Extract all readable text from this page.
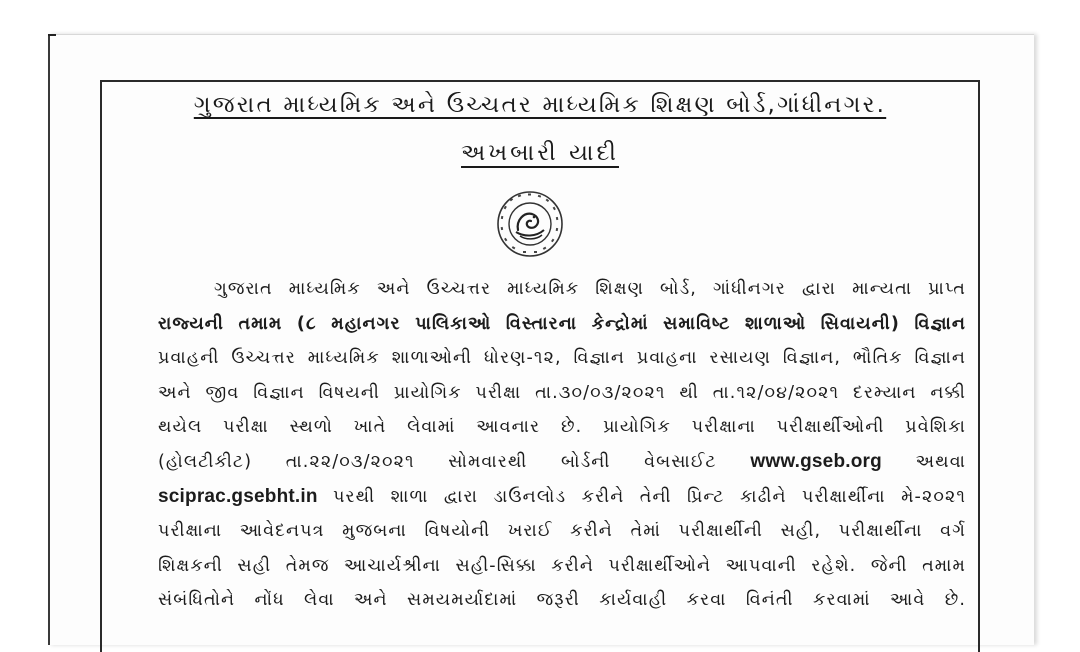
ગુજરાત માધ્યમિક અને ઉચ્ચતર માધ્યમિક શિક્ષણ બોર્ડ,ગાંધીનગર.
અખબારી યાદી
ગુજરાત માધ્યમિક અને ઉચ્ચત્તર માધ્યમિક શિક્ષણ બોર્ડ, ગાંધીનગર દ્વારા માન્યતા પ્રાપ્ત
રાજ્યની તમામ (૮ મહાનગર પાલિકાઓ વિસ્તારના કેન્દ્રોમાં સમાવિષ્ટ શાળાઓ સિવાયની) વિજ્ઞાન
પ્રવાહની ઉચ્ચત્તર માધ્યમિક શાળાઓની ધોરણ-૧૨, વિજ્ઞાન પ્રવાહના રસાયણ વિજ્ઞાન, ભૌતિક વિજ્ઞાન
અને જીવ વિજ્ઞાન વિષયની પ્રાયોગિક પરીક્ષા તા.૩૦/૦૩/૨૦૨૧ થી તા.૧૨/૦૪/૨૦૨૧ દરમ્યાન નક્કી
થયેલ પરીક્ષા સ્થળો ખાતે લેવામાં આવનાર છે. પ્રાયોગિક પરીક્ષાના પરીક્ષાર્થીઓની પ્રવેશિકા
(હોલટીકીટ) તા.૨૨/૦૩/૨૦૨૧ સોમવારથી બોર્ડની વેબસાઈટ www.gseb.org અથવા
sciprac.gsebht.in પરથી શાળા દ્વારા ડાઉનલોડ કરીને તેની પ્રિન્ટ કાઢીને પરીક્ષાર્થીના મે-૨૦૨૧
પરીક્ષાના આવેદનપત્ર મુજબના વિષયોની ખરાઈ કરીને તેમાં પરીક્ષાર્થીની સહી, પરીક્ષાર્થીના વર્ગ
શિક્ષકની સહી તેમજ આચાર્યશ્રીના સહી-સિક્કા કરીને પરીક્ષાર્થીઓને આપવાની રહેશે. જેની તમામ
સંબંધિતોને નોંધ લેવા અને સમયમર્યાદામાં જરૂરી કાર્યવાહી કરવા વિનંતી કરવામાં આવે છે.
